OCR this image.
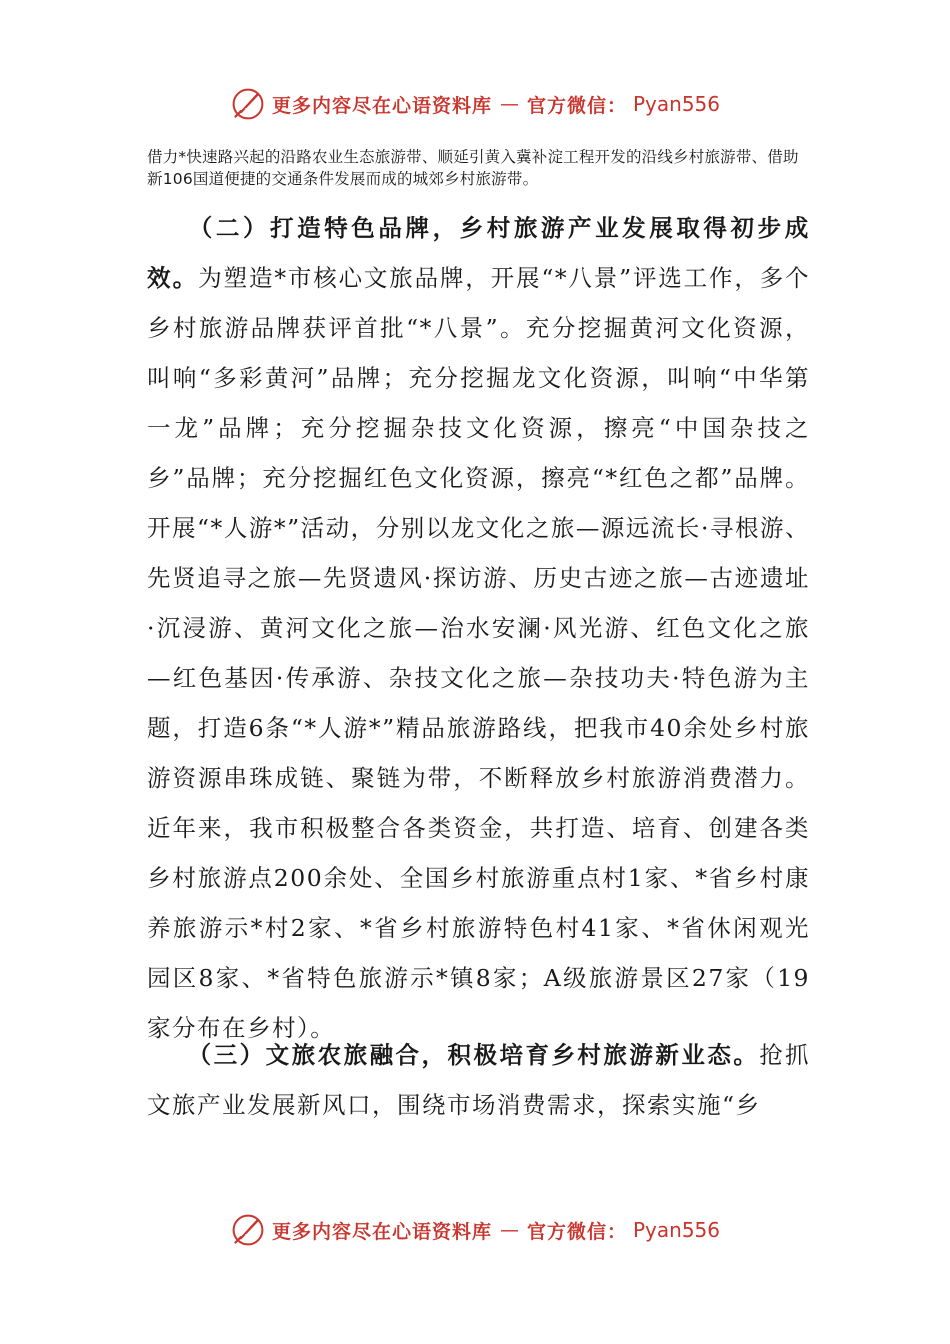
更多内容尽在心语资料库 — 官方微信： Pyan556
借力*快速路兴起的沿路农业生态旅游带、顺延引黄入冀补淀工程开发的沿线乡村旅游带、借助新106国道便捷的交通条件发展而成的城郊乡村旅游带。
（二）打造特色品牌，乡村旅游产业发展取得初步成效。为塑造*市核心文旅品牌，开展“*八景”评选工作，多个乡村旅游品牌获评首批“*八景”。充分挖掘黄河文化资源，叫响“多彩黄河”品牌；充分挖掘龙文化资源，叫响“中华第一龙”品牌；充分挖掘杂技文化资源，擦亮“中国杂技之乡”品牌；充分挖掘红色文化资源，擦亮“*红色之都”品牌。开展“*人游*”活动，分别以龙文化之旅—源远流长·寻根游、先贤追寻之旅—先贤遗风·探访游、历史古迹之旅—古迹遗址·沉浸游、黄河文化之旅—治水安澜·风光游、红色文化之旅—红色基因·传承游、杂技文化之旅—杂技功夫·特色游为主题，打造6条“*人游*”精品旅游路线，把我市40余处乡村旅游资源串珠成链、聚链为带，不断释放乡村旅游消费潜力。近年来，我市积极整合各类资金，共打造、培育、创建各类乡村旅游点200余处、全国乡村旅游重点村1家、*省乡村康养旅游示*村2家、*省乡村旅游特色村41家、*省休闲观光园区8家、*省特色旅游示*镇8家；A级旅游景区27家（19家分布在乡村）。
（三）文旅农旅融合，积极培育乡村旅游新业态。抢抓文旅产业发展新风口，围绕市场消费需求，探索实施“乡
更多内容尽在心语资料库 — 官方微信： Pyan556
